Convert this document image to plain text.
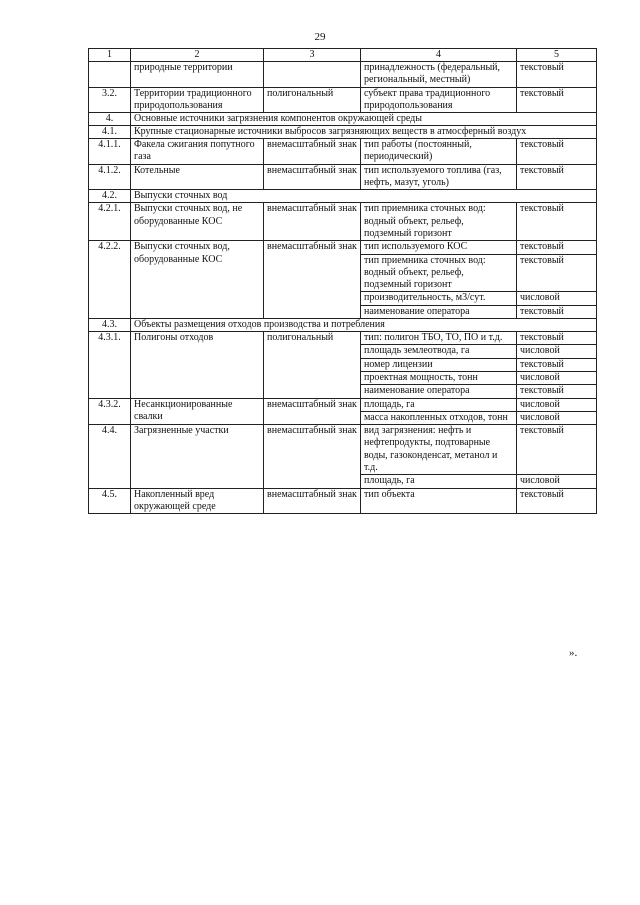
29
1	2	3	4	5
	природные территории		принадлежность (федеральный, региональный, местный)	текстовый
3.2.	Территории традиционного природопользования	полигональный	субъект права традиционного природопользования	текстовый
4.	Основные источники загрязнения компонентов окружающей среды			
4.1.	Крупные стационарные источники выбросов загрязняющих веществ в атмосферный воздух			
4.1.1.	Факела сжигания попутного газа	внемасштабный знак	тип работы (постоянный, периодический)	текстовый
4.1.2.	Котельные	внемасштабный знак	тип используемого топлива (газ, нефть, мазут, уголь)	текстовый
4.2.	Выпуски сточных вод			
4.2.1.	Выпуски сточных вод, не оборудованные КОС	внемасштабный знак	тип приемника сточных вод: водный объект, рельеф, подземный горизонт	текстовый
4.2.2.	Выпуски сточных вод, оборудованные КОС	внемасштабный знак	тип используемого КОС	текстовый
			тип приемника сточных вод: водный объект, рельеф, подземный горизонт	текстовый
			производительность, м3/сут.	числовой
			наименование оператора	текстовый
4.3.	Объекты размещения отходов производства и потребления			
4.3.1.	Полигоны отходов	полигональный	тип: полигон ТБО, ТО, ПО и т.д.	текстовый
			площадь землеотвода, га	числовой
			номер лицензии	текстовый
			проектная мощность, тонн	числовой
			наименование оператора	текстовый
4.3.2.	Несанкционированные свалки	внемасштабный знак	площадь, га	числовой
			масса накопленных отходов, тонн	числовой
4.4.	Загрязненные участки	внемасштабный знак	вид загрязнения: нефть и нефтепродукты, подтоварные воды, газоконденсат, метанол и т.д.	текстовый
			площадь, га	числовой
4.5.	Накопленный вред окружающей среде	внемасштабный знак	тип объекта	текстовый
».
